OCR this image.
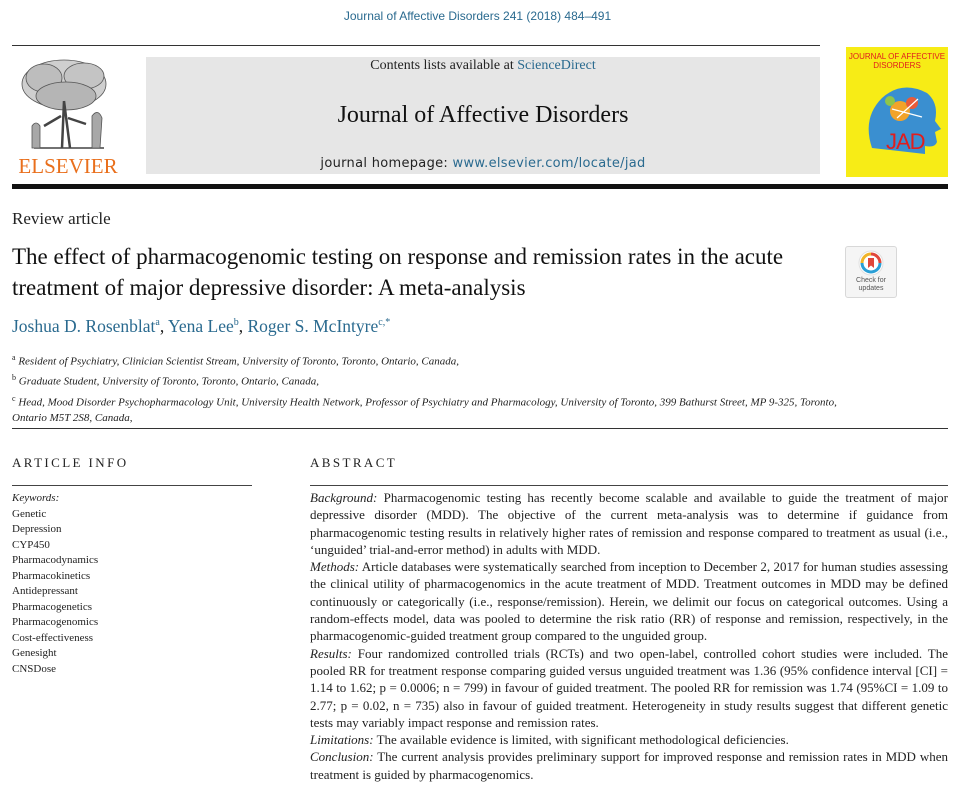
Journal of Affective Disorders 241 (2018) 484–491
ELSEVIER
Contents lists available at ScienceDirect
Journal of Affective Disorders
journal homepage: www.elsevier.com/locate/jad
JOURNAL OF AFFECTIVE DISORDERS
JAD
Review article
The effect of pharmacogenomic testing on response and remission rates in the acute treatment of major depressive disorder: A meta-analysis	Check for updates
Joshua D. Rosenblat$^a$, Yena Lee$^b$, Roger S. McIntyre$^{c,*}$
$^a$ Resident of Psychiatry, Clinician Scientist Stream, University of Toronto, Toronto, Ontario, Canada,
$^b$ Graduate Student, University of Toronto, Toronto, Ontario, Canada,
$^c$ Head, Mood Disorder Psychopharmacology Unit, University Health Network, Professor of Psychiatry and Pharmacology, University of Toronto, 399 Bathurst Street, MP 9-325, Toronto, Ontario M5T 2S8, Canada,
ARTICLE INFO
Keywords:
Genetic
Depression
CYP450
Pharmacodynamics
Pharmacokinetics
Antidepressant
Pharmacogenetics
Pharmacogenomics
Cost-effectiveness
Genesight
CNSDose
ABSTRACT

Background: Pharmacogenomic testing has recently become scalable and available to guide the treatment of major depressive disorder (MDD). The objective of the current meta-analysis was to determine if guidance from pharmacogenomic testing results in relatively higher rates of remission and response compared to treatment as usual (i.e., ‘unguided’ trial-and-error method) in adults with MDD.

Methods: Article databases were systematically searched from inception to December 2, 2017 for human studies assessing the clinical utility of pharmacogenomics in the acute treatment of MDD. Treatment outcomes in MDD may be defined continuously or categorically (i.e., response/remission). Herein, we delimit our focus on categorical outcomes. Using a random-effects model, data was pooled to determine the risk ratio (RR) of response and remission, respectively, in the pharmacogenomic-guided treatment group compared to the unguided group.

Results: Four randomized controlled trials (RCTs) and two open-label, controlled cohort studies were included. The pooled RR for treatment response comparing guided versus unguided treatment was 1.36 (95% confidence interval [CI] = 1.14 to 1.62; p = 0.0006; n = 799) in favour of guided treatment. The pooled RR for remission was 1.74 (95%CI = 1.09 to 2.77; p = 0.02, n = 735) also in favour of guided treatment. Heterogeneity in study results suggest that different genetic tests may variably impact response and remission rates.

Limitations: The available evidence is limited, with significant methodological deficiencies.

Conclusion: The current analysis provides preliminary support for improved response and remission rates in MDD when treatment is guided by pharmacogenomics.
